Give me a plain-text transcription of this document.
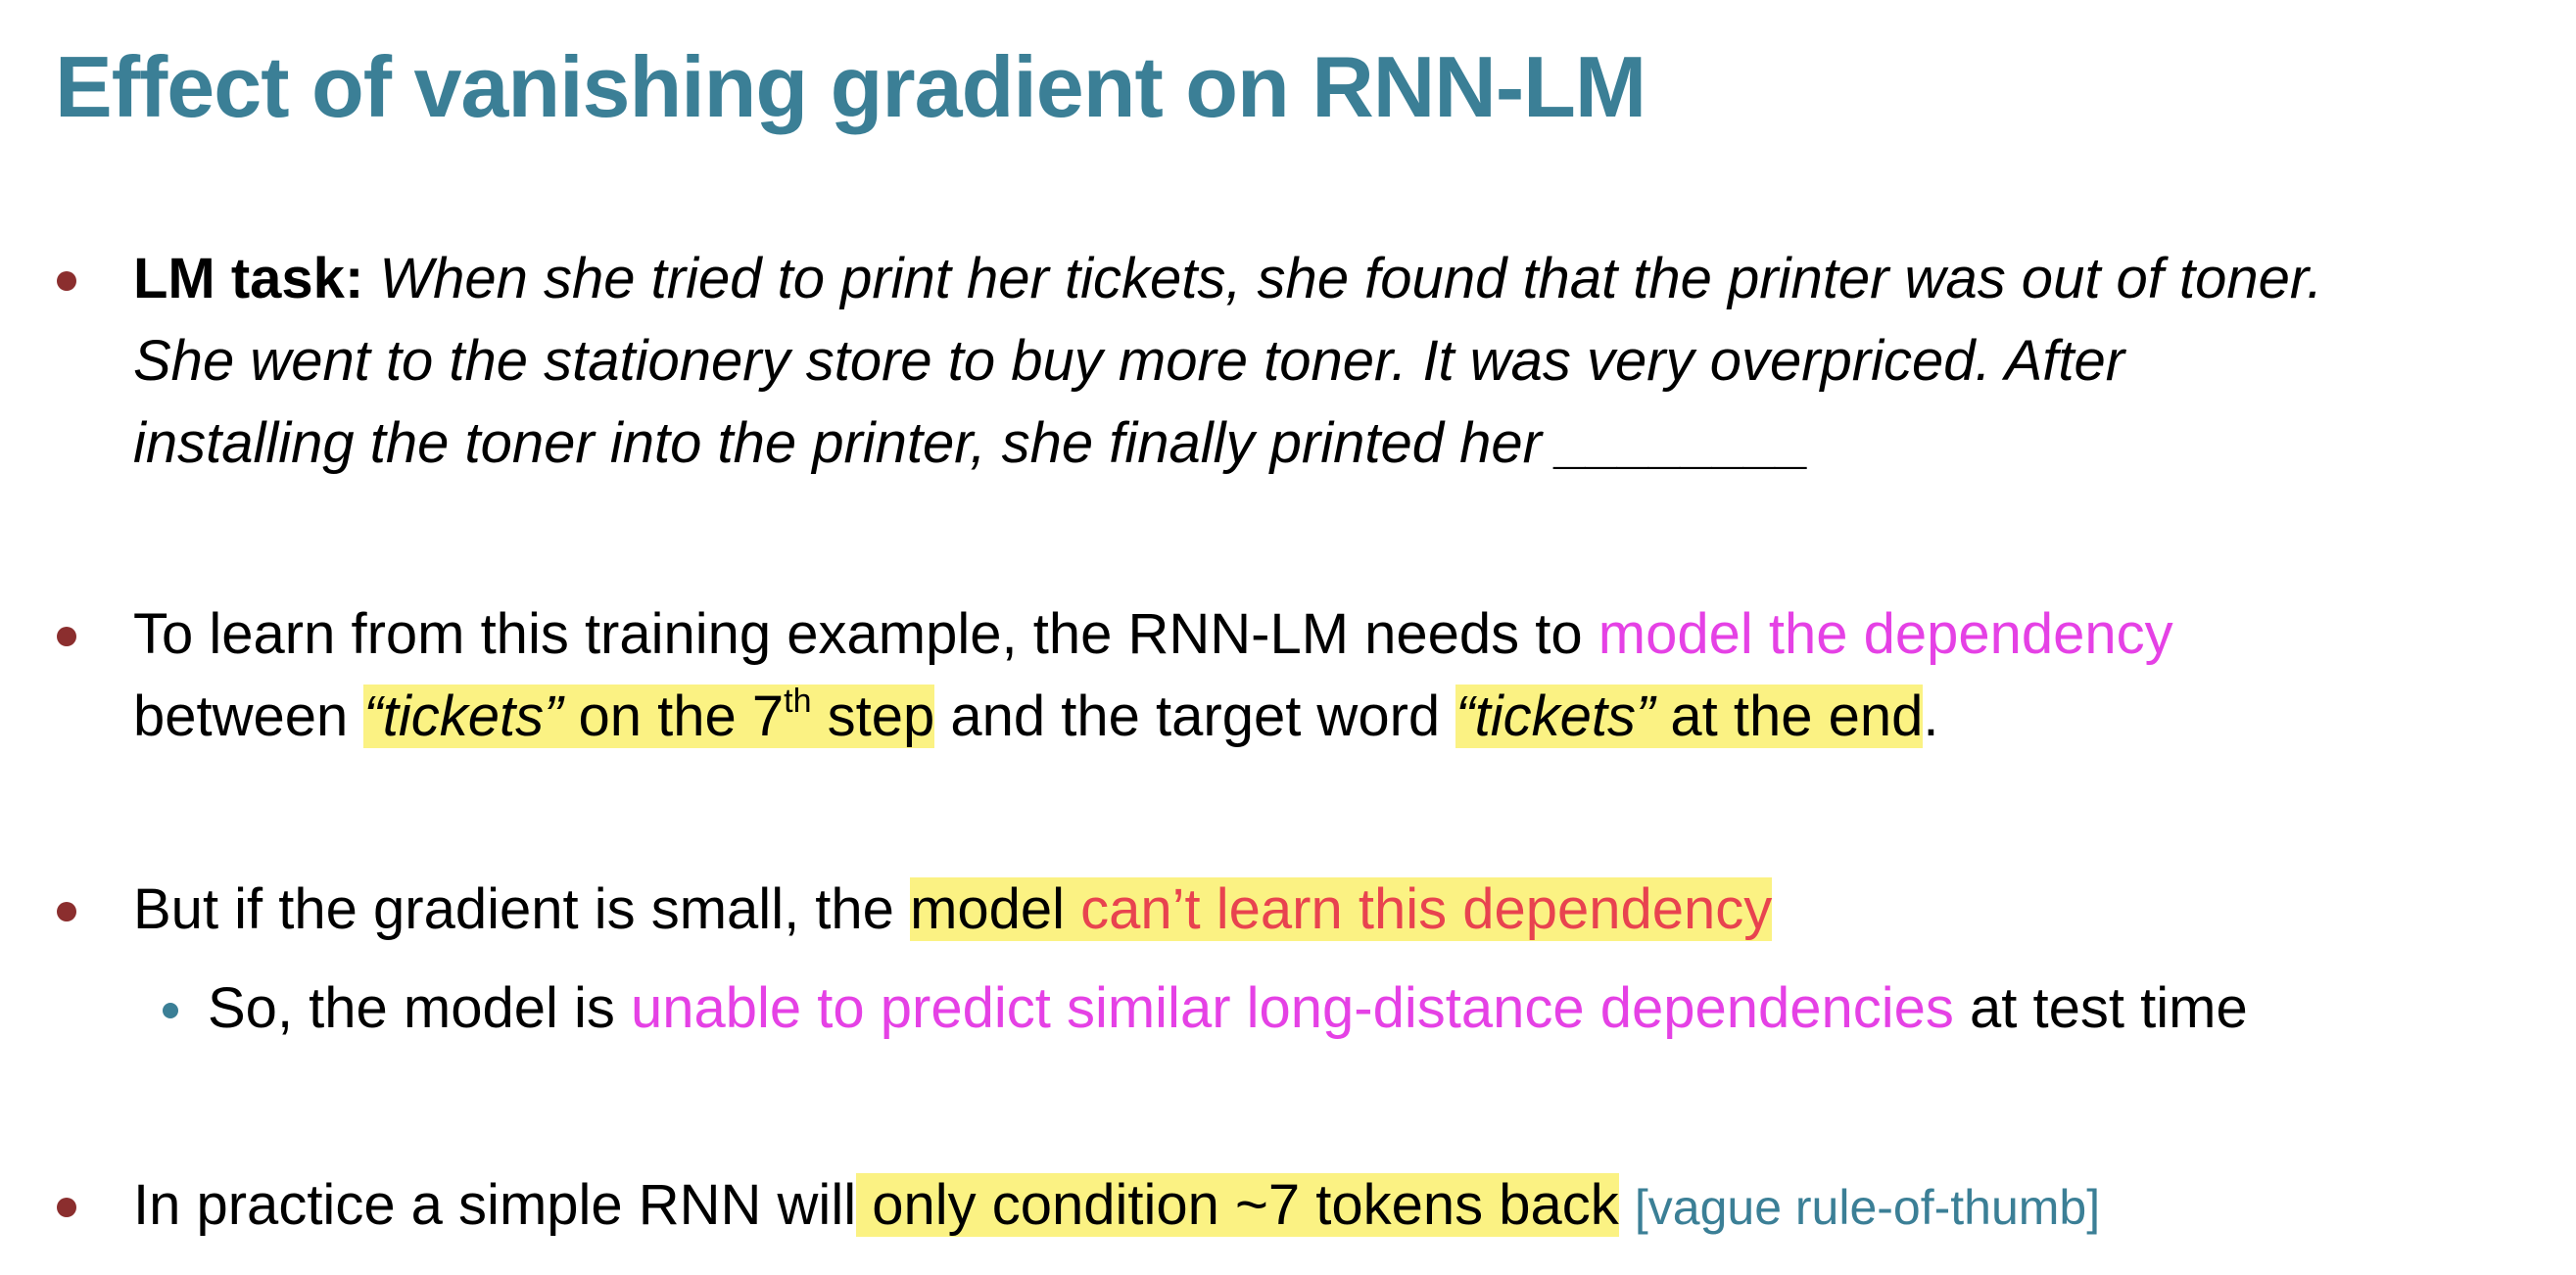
Effect of vanishing gradient on RNN-LM
LM task: When she tried to print her tickets, she found that the printer was out of toner.
She went to the stationery store to buy more toner. It was very overpriced. After
installing the toner into the printer, she finally printed her ________
To learn from this training example, the RNN-LM needs to model the dependency
between “tickets” on the 7th step and the target word “tickets” at the end.
But if the gradient is small, the model can’t learn this dependency
So, the model is unable to predict similar long-distance dependencies at test time
In practice a simple RNN will only condition ~7 tokens back [vague rule-of-thumb]
